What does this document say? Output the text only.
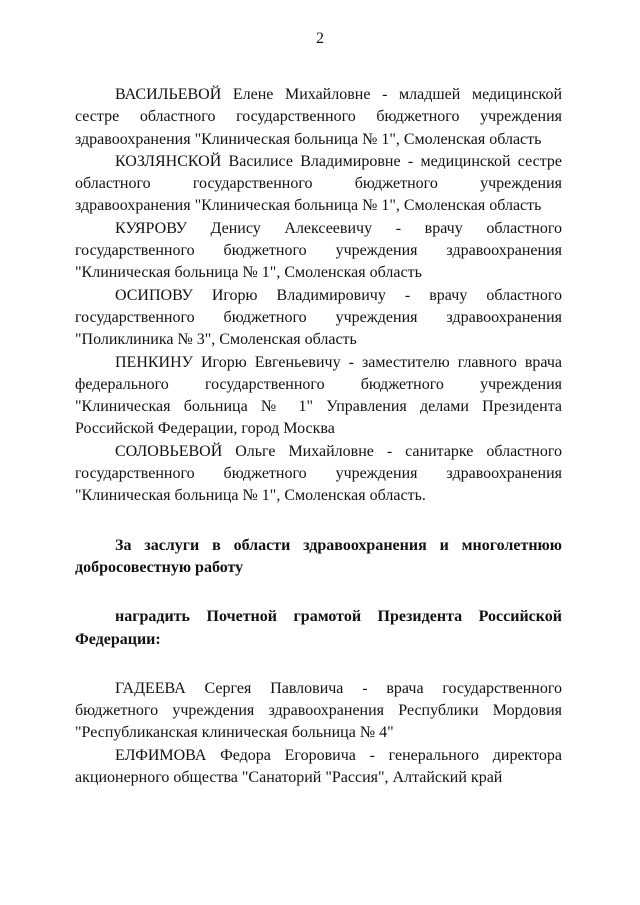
2

ВАСИЛЬЕВОЙ Елене Михайловне - младшей медицинской сестре областного государственного бюджетного учреждения здравоохранения "Клиническая больница № 1", Смоленская область

КОЗЛЯНСКОЙ Василисе Владимировне - медицинской сестре областного государственного бюджетного учреждения здравоохранения "Клиническая больница № 1", Смоленская область

КУЯРОВУ Денису Алексеевичу - врачу областного государственного бюджетного учреждения здравоохранения "Клиническая больница № 1", Смоленская область

ОСИПОВУ Игорю Владимировичу - врачу областного государственного бюджетного учреждения здравоохранения "Поликлиника № 3", Смоленская область

ПЕНКИНУ Игорю Евгеньевичу - заместителю главного врача федерального государственного бюджетного учреждения "Клиническая больница № 1" Управления делами Президента Российской Федерации, город Москва

СОЛОВЬЕВОЙ Ольге Михайловне - санитарке областного государственного бюджетного учреждения здравоохранения "Клиническая больница № 1", Смоленская область.

За заслуги в области здравоохранения и многолетнюю добросовестную работу

наградить Почетной грамотой Президента Российской Федерации:

ГАДЕЕВА Сергея Павловича - врача государственного бюджетного учреждения здравоохранения Республики Мордовия "Республиканская клиническая больница № 4"

ЕЛФИМОВА Федора Егоровича - генерального директора акционерного общества "Санаторий "Рассия", Алтайский край
